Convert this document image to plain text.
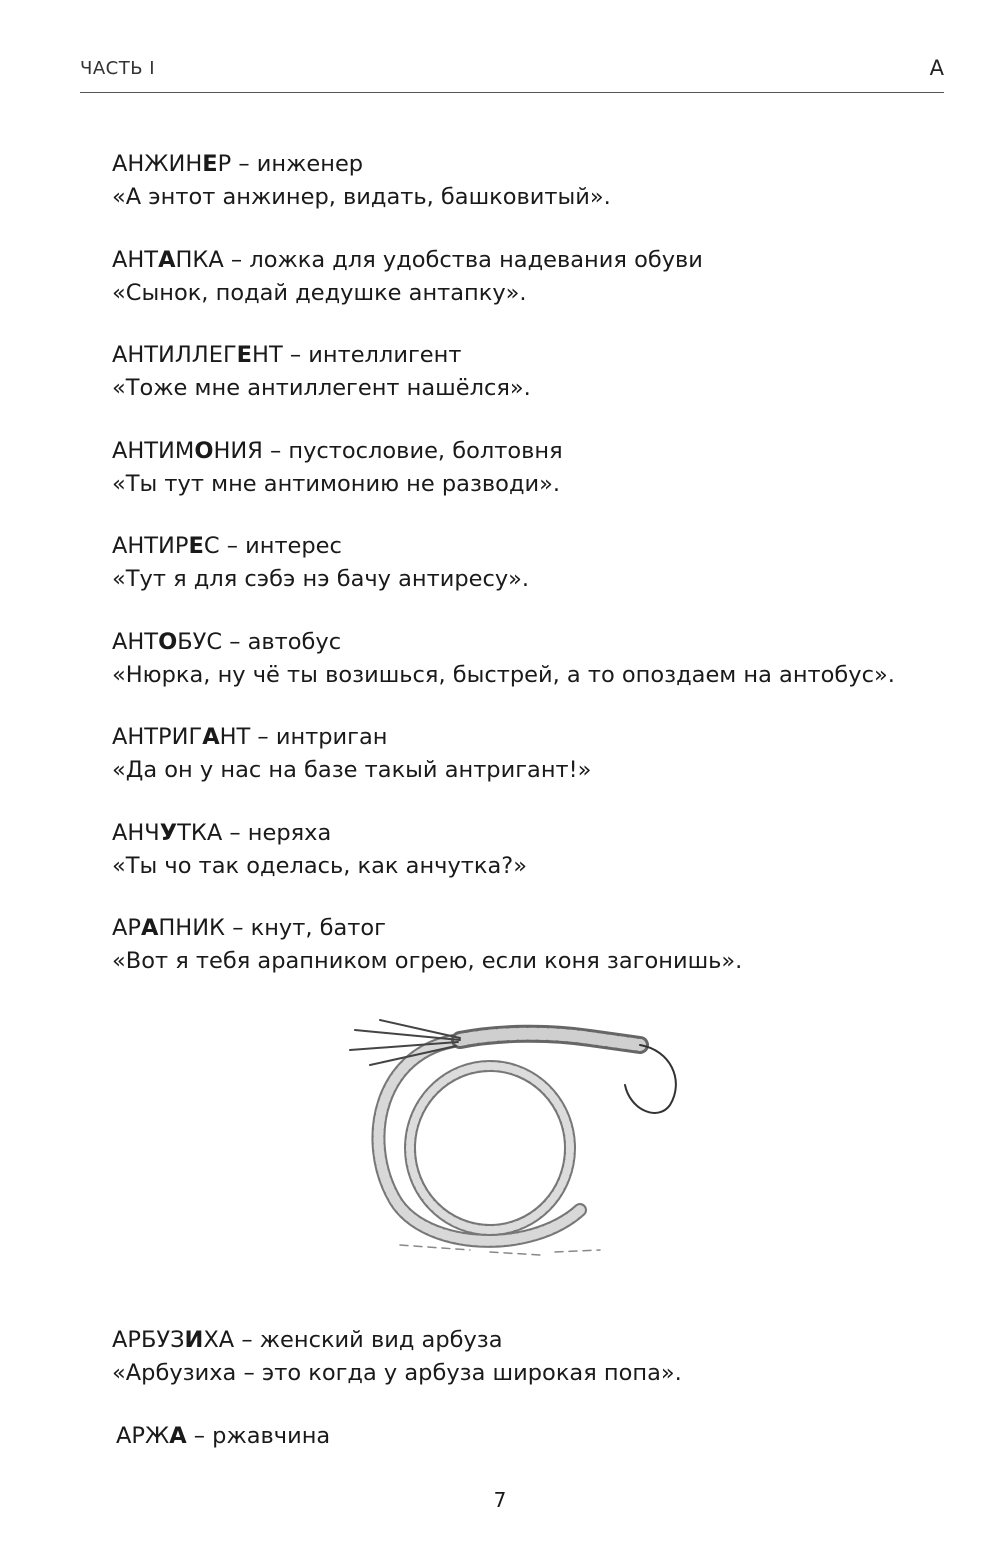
ЧАСТЬ I	А
АНЖИНЕР – инженер
«А энтот анжинер, видать, башковитый».
АНТАПКА – ложка для удобства надевания обуви
«Сынок, подай дедушке антапку».
АНТИЛЛЕГЕНТ – интеллигент
«Тоже мне антиллегент нашёлся».
АНТИМОНИЯ – пустословие, болтовня
«Ты тут мне антимонию не разводи».
АНТИРЕС – интерес
«Тут я для сэбэ нэ бачу антиресу».
АНТОБУС – автобус
«Нюрка, ну чё ты возишься, быстрей, а то опоздаем на антобус».
АНТРИГАНТ – интриган
«Да он у нас на базе такый антригант!»
АНЧУТКА – неряха
«Ты чо так оделась, как анчутка?»
АРАПНИК – кнут, батог
«Вот я тебя арапником огрею, если коня загонишь».
АРБУЗИХА – женский вид арбуза
«Арбузиха – это когда у арбуза широкая попа».
АРЖА – ржавчина
7
